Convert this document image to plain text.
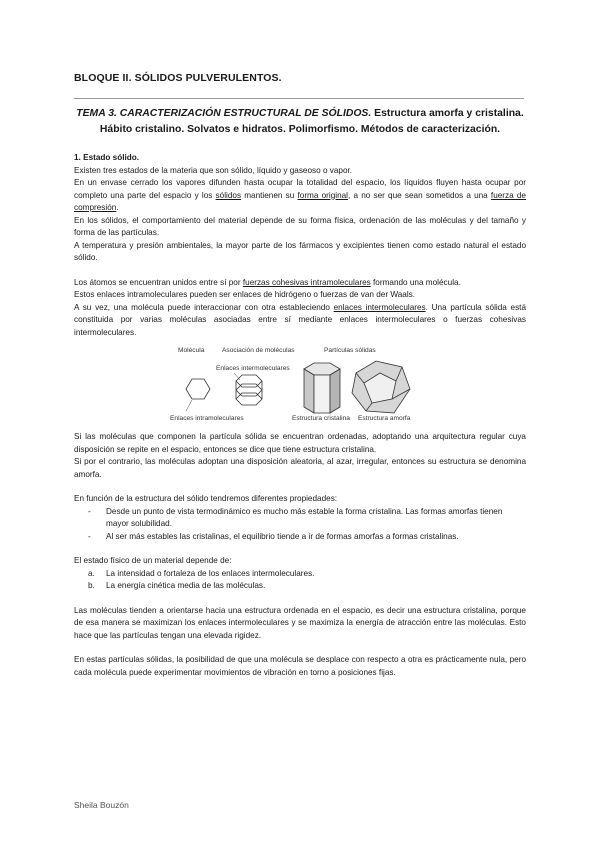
BLOQUE II. SÓLIDOS PULVERULENTOS.
TEMA 3. CARACTERIZACIÓN ESTRUCTURAL DE SÓLIDOS. Estructura amorfa y cristalina. Hábito cristalino. Solvatos e hidratos. Polimorfismo. Métodos de caracterización.

1. Estado sólido.

Existen tres estados de la materia que son sólido, líquido y gaseoso o vapor.

En un envase cerrado los vapores difunden hasta ocupar la totalidad del espacio, los líquidos fluyen hasta ocupar por completo una parte del espacio y los sólidos mantienen su forma original, a no ser que sean sometidos a una fuerza de compresión.

En los sólidos, el comportamiento del material depende de su forma física, ordenación de las moléculas y del tamaño y forma de las partículas.

A temperatura y presión ambientales, la mayor parte de los fármacos y excipientes tienen como estado natural el estado sólido.

Los átomos se encuentran unidos entre sí por fuerzas cohesivas intramoleculares formando una molécula.

Estos enlaces intramoleculares pueden ser enlaces de hidrógeno o fuerzas de van der Waals.

A su vez, una molécula puede interaccionar con otra estableciendo enlaces intermoleculares. Una partícula sólida está constituida por varias moléculas asociadas entre sí mediante enlaces intermoleculares o fuerzas cohesivas intermoleculares.

Molécula	Asociación de moléculas	Partículas sólidas
Enlaces intermoleculares
Enlaces intramoleculares	Estructura cristalina Estructura amorfa

Si las moléculas que componen la partícula sólida se encuentran ordenadas, adoptando una arquitectura regular cuya disposición se repite en el espacio, entonces se dice que tiene estructura cristalina.

Si por el contrario, las moléculas adoptan una disposición aleatoria, al azar, irregular, entonces su estructura se denomina amorfa.

En función de la estructura del sólido tendremos diferentes propiedades:

- Desde un punto de vista termodinámico es mucho más estable la forma cristalina. Las formas amorfas tienen mayor solubilidad.
- Al ser más estables las cristalinas, el equilibrio tiende a ir de formas amorfas a formas cristalinas.

El estado físico de un material depende de:

a. La intensidad o fortaleza de los enlaces intermoleculares.
b. La energía cinética media de las moléculas.

Las moléculas tienden a orientarse hacia una estructura ordenada en el espacio, es decir una estructura cristalina, porque de esa manera se maximizan los enlaces intermoleculares y se maximiza la energía de atracción entre las moléculas. Esto hace que las partículas tengan una elevada rigidez.

En estas partículas sólidas, la posibilidad de que una molécula se desplace con respecto a otra es prácticamente nula, pero cada molécula puede experimentar movimientos de vibración en torno a posiciones fijas.

Sheila Bouzón
